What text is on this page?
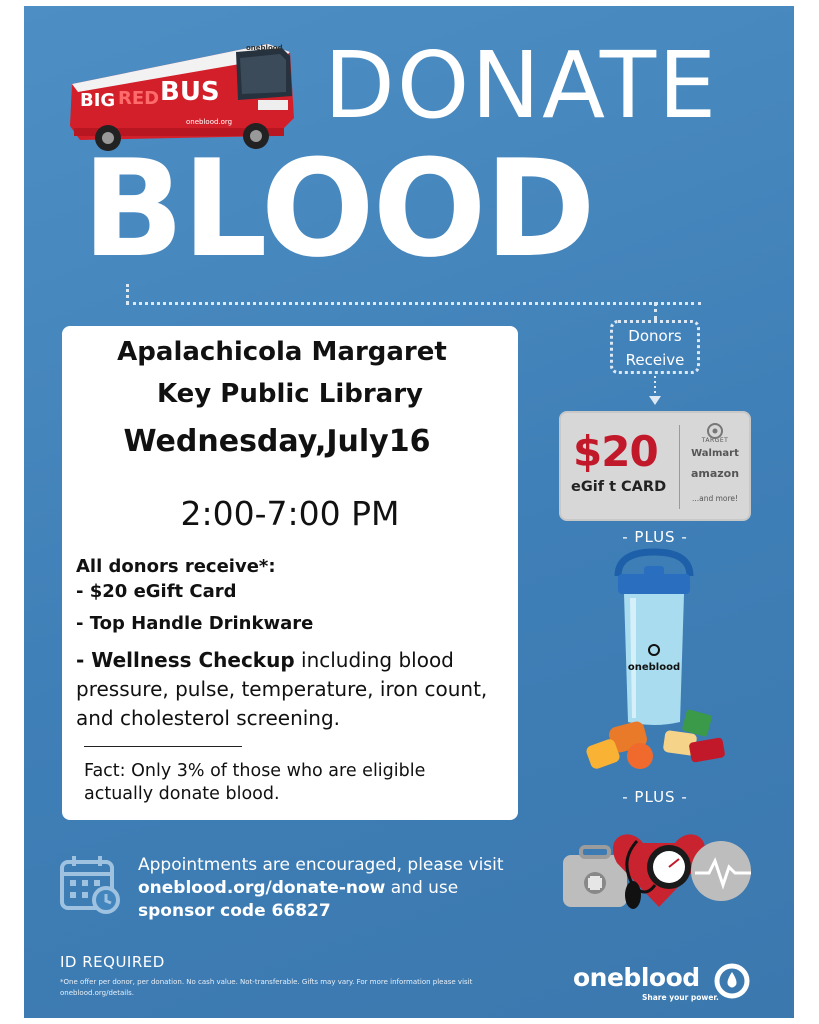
BIG RED BUS
oneblood.org
oneblood DONATE
BLOOD
Apalachicola Margaret
Key Public Library
Wednesday,July16
2:00-7:00 PM
All donors receive*:
- $20 eGift Card
- Top Handle Drinkware
- Wellness Checkup including blood pressure, pulse, temperature, iron count, and cholesterol screening.
Fact: Only 3% of those who are eligible actually donate blood.
Donors
Receive
$20
eGif t CARD
TARGET
Walmart
amazon
...and more!
- PLUS -
oneblood
- PLUS -
Appointments are encouraged, please visit oneblood.org/donate-now and use sponsor code 66827
ID REQUIRED
*One offer per donor, per donation. No cash value. Not-transferable. Gifts may vary. For more information please visit oneblood.org/details.
oneblood
Share your power.
